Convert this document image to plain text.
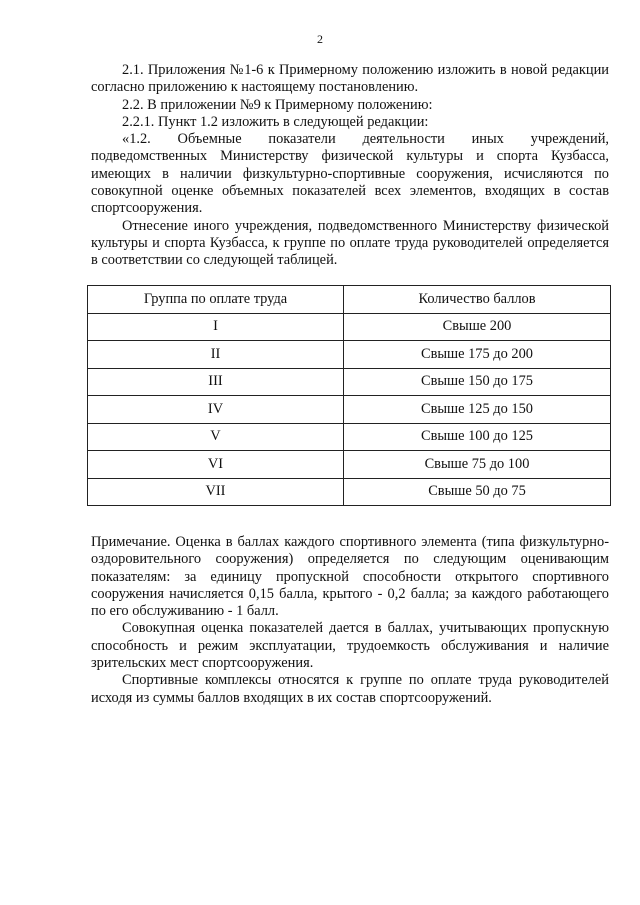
2

2.1. Приложения №1-6 к Примерному положению изложить в новой редакции согласно приложению к настоящему постановлению.

2.2. В приложении №9 к Примерному положению:

2.2.1. Пункт 1.2 изложить в следующей редакции:

«1.2. Объемные показатели деятельности иных учреждений, подведомственных Министерству физической культуры и спорта Кузбасса, имеющих в наличии физкультурно-спортивные сооружения, исчисляются по совокупной оценке объемных показателей всех элементов, входящих в состав спортсооружения.

Отнесение иного учреждения, подведомственного Министерству физической культуры и спорта Кузбасса, к группе по оплате труда руководителей определяется в соответствии со следующей таблицей.

Группа по оплате труда	Количество баллов
I	Свыше 200
II	Свыше 175 до 200
III	Свыше 150 до 175
IV	Свыше 125 до 150
V	Свыше 100 до 125
VI	Свыше 75 до 100
VII	Свыше 50 до 75

Примечание. Оценка в баллах каждого спортивного элемента (типа физкультурно-оздоровительного сооружения) определяется по следующим оценивающим показателям: за единицу пропускной способности открытого спортивного сооружения начисляется 0,15 балла, крытого - 0,2 балла; за каждого работающего по его обслуживанию - 1 балл.

Совокупная оценка показателей дается в баллах, учитывающих пропускную способность и режим эксплуатации, трудоемкость обслуживания и наличие зрительских мест спортсооружения.

Спортивные комплексы относятся к группе по оплате труда руководителей исходя из суммы баллов входящих в их состав спортсооружений.
